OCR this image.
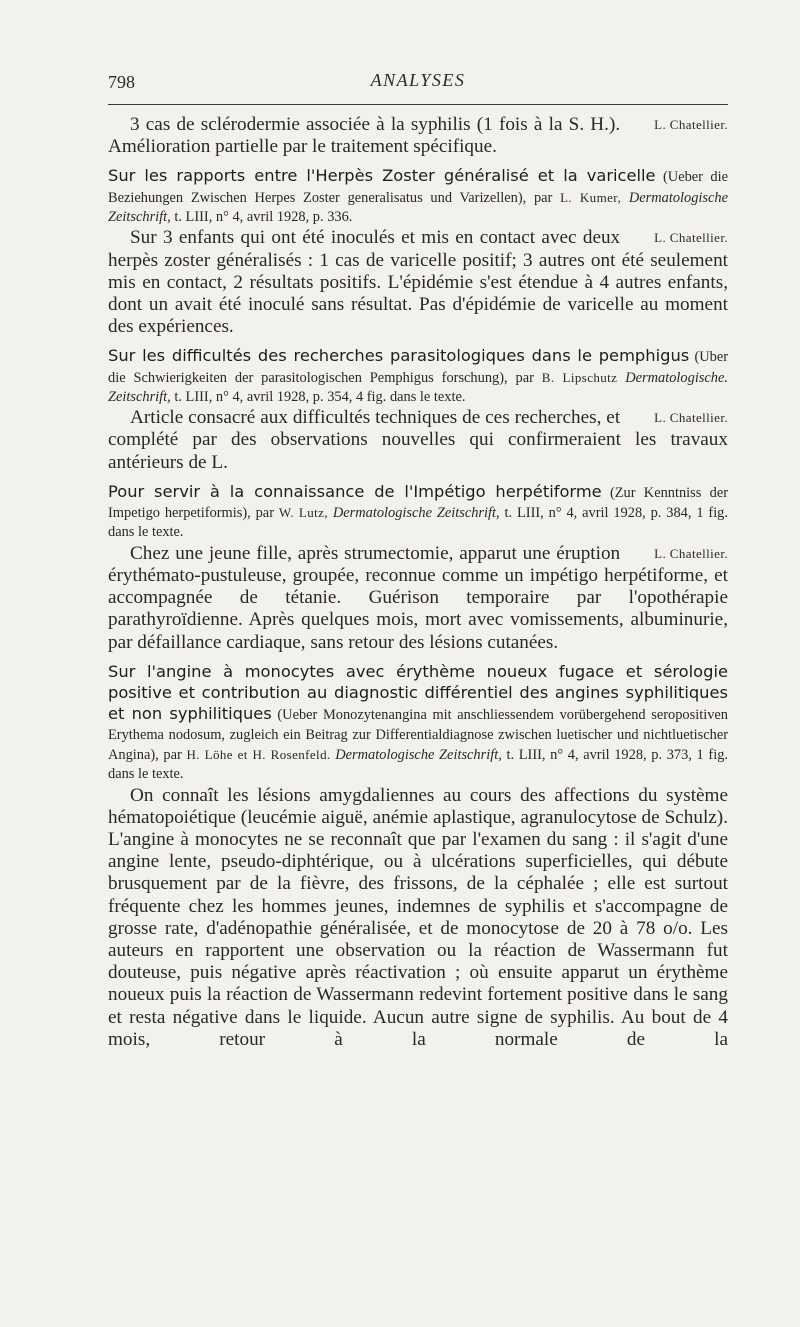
798	ANALYSES

L. Chatellier.
3 cas de sclérodermie associée à la syphilis (1 fois à la S. H.). Amélioration partielle par le traitement spécifique.

Sur les rapports entre l'Herpès Zoster généralisé et la varicelle (Ueber die Beziehungen Zwischen Herpes Zoster generalisatus und Varizellen), par L. Kumer, Dermatologische Zeitschrift, t. LIII, n° 4, avril 1928, p. 336.

L. Chatellier.
Sur 3 enfants qui ont été inoculés et mis en contact avec deux herpès zoster généralisés : 1 cas de varicelle positif; 3 autres ont été seulement mis en contact, 2 résultats positifs. L'épidémie s'est étendue à 4 autres enfants, dont un avait été inoculé sans résultat. Pas d'épidémie de varicelle au moment des expériences.

Sur les difficultés des recherches parasitologiques dans le pemphigus (Uber die Schwierigkeiten der parasitologischen Pemphigus forschung), par B. Lipschutz Dermatologische. Zeitschrift, t. LIII, n° 4, avril 1928, p. 354, 4 fig. dans le texte.

L. Chatellier.
Article consacré aux difficultés techniques de ces recherches, et complété par des observations nouvelles qui confirmeraient les travaux antérieurs de L.

Pour servir à la connaissance de l'Impétigo herpétiforme (Zur Kenntniss der Impetigo herpetiformis), par W. Lutz, Dermatologische Zeitschrift, t. LIII, n° 4, avril 1928, p. 384, 1 fig. dans le texte.

L. Chatellier.
Chez une jeune fille, après strumectomie, apparut une éruption érythémato-pustuleuse, groupée, reconnue comme un impétigo herpétiforme, et accompagnée de tétanie. Guérison temporaire par l'opothérapie parathyroïdienne. Après quelques mois, mort avec vomissements, albuminurie, par défaillance cardiaque, sans retour des lésions cutanées.

Sur l'angine à monocytes avec érythème noueux fugace et sérologie positive et contribution au diagnostic différentiel des angines syphilitiques et non syphilitiques (Ueber Monozytenangina mit anschliessendem vorübergehend seropositiven Erythema nodosum, zugleich ein Beitrag zur Differentialdiagnose zwischen luetischer und nichtluetischer Angina), par H. Löhe et H. Rosenfeld. Dermatologische Zeitschrift, t. LIII, n° 4, avril 1928, p. 373, 1 fig. dans le texte.

On connaît les lésions amygdaliennes au cours des affections du système hématopoiétique (leucémie aiguë, anémie aplastique, agranulocytose de Schulz). L'angine à monocytes ne se reconnaît que par l'examen du sang : il s'agit d'une angine lente, pseudo-diphtérique, ou à ulcérations superficielles, qui débute brusquement par de la fièvre, des frissons, de la céphalée ; elle est surtout fréquente chez les hommes jeunes, indemnes de syphilis et s'accompagne de grosse rate, d'adénopathie généralisée, et de monocytose de 20 à 78 o/o. Les auteurs en rapportent une observation ou la réaction de Wassermann fut douteuse, puis négative après réactivation ; où ensuite apparut un érythème noueux puis la réaction de Wassermann redevint fortement positive dans le sang et resta négative dans le liquide. Aucun autre signe de syphilis. Au bout de 4 mois, retour à la normale de la
